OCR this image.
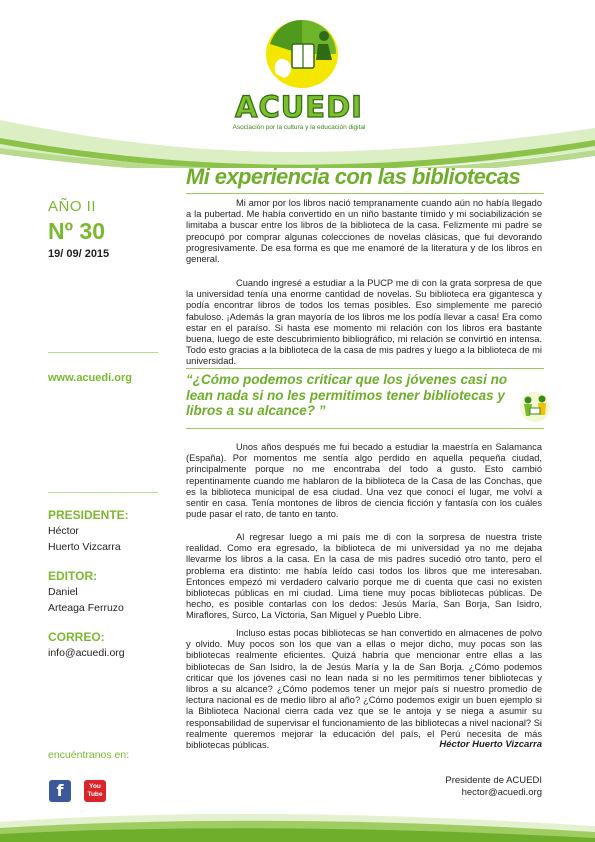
ACUEDI
Asociación por la cultura y la educación digital
AÑO II
Nº 30
19/ 09/ 2015
www.acuedi.org
PRESIDENTE:
Héctor
Huerto Vizcarra
EDITOR:
Daniel
Arteaga Ferruzo
CORREO:
info@acuedi.org
encuéntranos en:
f	You
Tube
Mi experiencia con las bibliotecas
Mi amor por los libros nació tempranamente cuando aún no había llegado a la pubertad. Me había convertido en un niño bastante tímido y mi sociabilización se limitaba a buscar entre los libros de la biblioteca de la casa. Felizmente mi padre se preocupó por comprar algunas colecciones de novelas clásicas, que fui devorando progresivamente. De esa forma es que me enamoré de la literatura y de los libros en general.
Cuando ingresé a estudiar a la PUCP me di con la grata sorpresa de que la universidad tenía una enorme cantidad de novelas. Su biblioteca era gigantesca y podía encontrar libros de todos los temas posibles. Eso simplemente me pareció fabuloso. ¡Además la gran mayoría de los libros me los podía llevar a casa! Era como estar en el paraíso. Si hasta ese momento mi relación con los libros era bastante buena, luego de este descubrimiento bibliográfico, mi relación se convirtió en intensa. Todo esto gracias a la biblioteca de la casa de mis padres y luego a la biblioteca de mi universidad.
“¿Cómo podemos criticar que los jóvenes casi no lean nada si no les permitimos tener bibliotecas y libros a su alcance? ”
Unos años después me fui becado a estudiar la maestría en Salamanca (España). Por momentos me sentía algo perdido en aquella pequeña ciudad, principalmente porque no me encontraba del todo a gusto. Esto cambió repentinamente cuando me hablaron de la biblioteca de la Casa de las Conchas, que es la biblioteca municipal de esa ciudad. Una vez que conocí el lugar, me volví a sentir en casa. Tenía montones de libros de ciencia ficción y fantasía con los cuáles pude pasar el rato, de tanto en tanto.
Al regresar luego a mi país me di con la sorpresa de nuestra triste realidad. Como era egresado, la biblioteca de mi universidad ya no me dejaba llevarme los libros a la casa. En la casa de mis padres sucedió otro tanto, pero el problema era distinto: me había leído casi todos los libros que me interesaban. Entonces empezó mi verdadero calvario porque me di cuenta que casi no existen bibliotecas públicas en mi ciudad. Lima tiene muy pocas bibliotecas públicas. De hecho, es posible contarlas con los dedos: Jesús María, San Borja, San Isidro, Miraflores, Surco, La Victoria, San Miguel y Pueblo Libre.
Incluso estas pocas bibliotecas se han convertido en almacenes de polvo y olvido. Muy pocos son los que van a ellas o mejor dicho, muy pocas son las bibliotecas realmente eficientes. Quizá habría que mencionar entre ellas a las bibliotecas de San Isidro, la de Jesús María y la de San Borja. ¿Cómo podemos criticar que los jóvenes casi no lean nada si no les permitimos tener bibliotecas y libros a su alcance? ¿Cómo podemos tener un mejor país si nuestro promedio de lectura nacional es de medio libro al año? ¿Cómo podemos exigir un buen ejemplo si la Biblioteca Nacional cierra cada vez que se le antoja y se niega a asumir su responsabilidad de supervisar el funcionamiento de las bibliotecas a nivel nacional? Si realmente queremos mejorar la educación del país, el Perú necesita de más bibliotecas públicas.	Héctor Huerto Vizcarra
Presidente de ACUEDI
hector@acuedi.org
